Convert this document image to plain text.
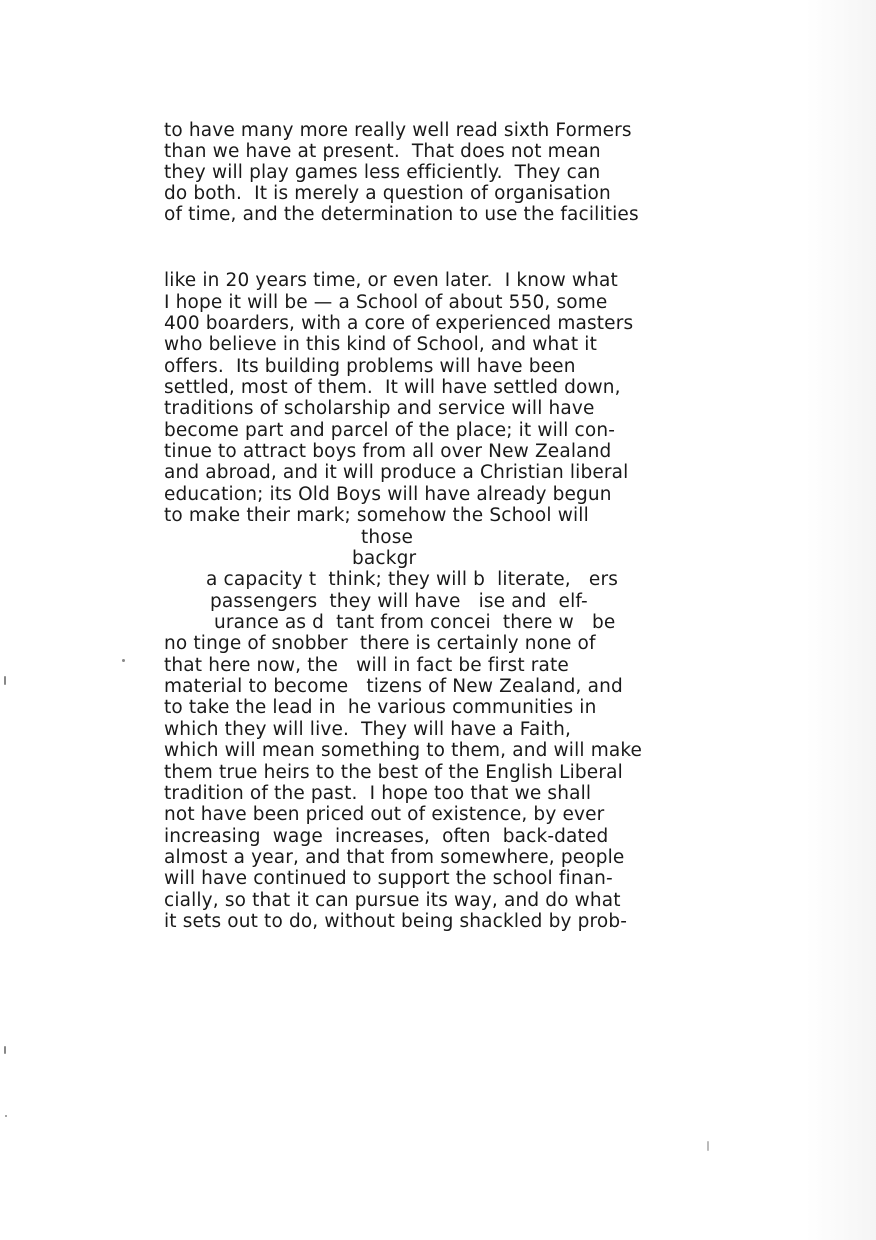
to have many more really well read sixth Formers
than we have at present.  That does not mean
they will play games less efficiently.  They can
do both.  It is merely a question of organisation
of time, and the determination to use the facilities
like in 20 years time, or even later.  I know what
I hope it will be — a School of about 550, some
400 boarders, with a core of experienced masters
who believe in this kind of School, and what it
offers.  Its building problems will have been
settled, most of them.  It will have settled down,
traditions of scholarship and service will have
become part and parcel of the place; it will con-
tinue to attract boys from all over New Zealand
and abroad, and it will produce a Christian liberal
education; its Old Boys will have already begun
to make their mark; somehow the School will
those
backgr
a capacity t  think; they will b  literate,   ers
passengers  they will have   ise and  elf-
urance as d  tant from concei  there w   be
no tinge of snobber  there is certainly none of
that here now, the   will in fact be first rate
material to become   tizens of New Zealand, and
to take the lead in  he various communities in
which they will live.  They will have a Faith,
which will mean something to them, and will make
them true heirs to the best of the English Liberal
tradition of the past.  I hope too that we shall
not have been priced out of existence, by ever
increasing  wage  increases,  often  back-dated
almost a year, and that from somewhere, people
will have continued to support the school finan-
cially, so that it can pursue its way, and do what
it sets out to do, without being shackled by prob-
